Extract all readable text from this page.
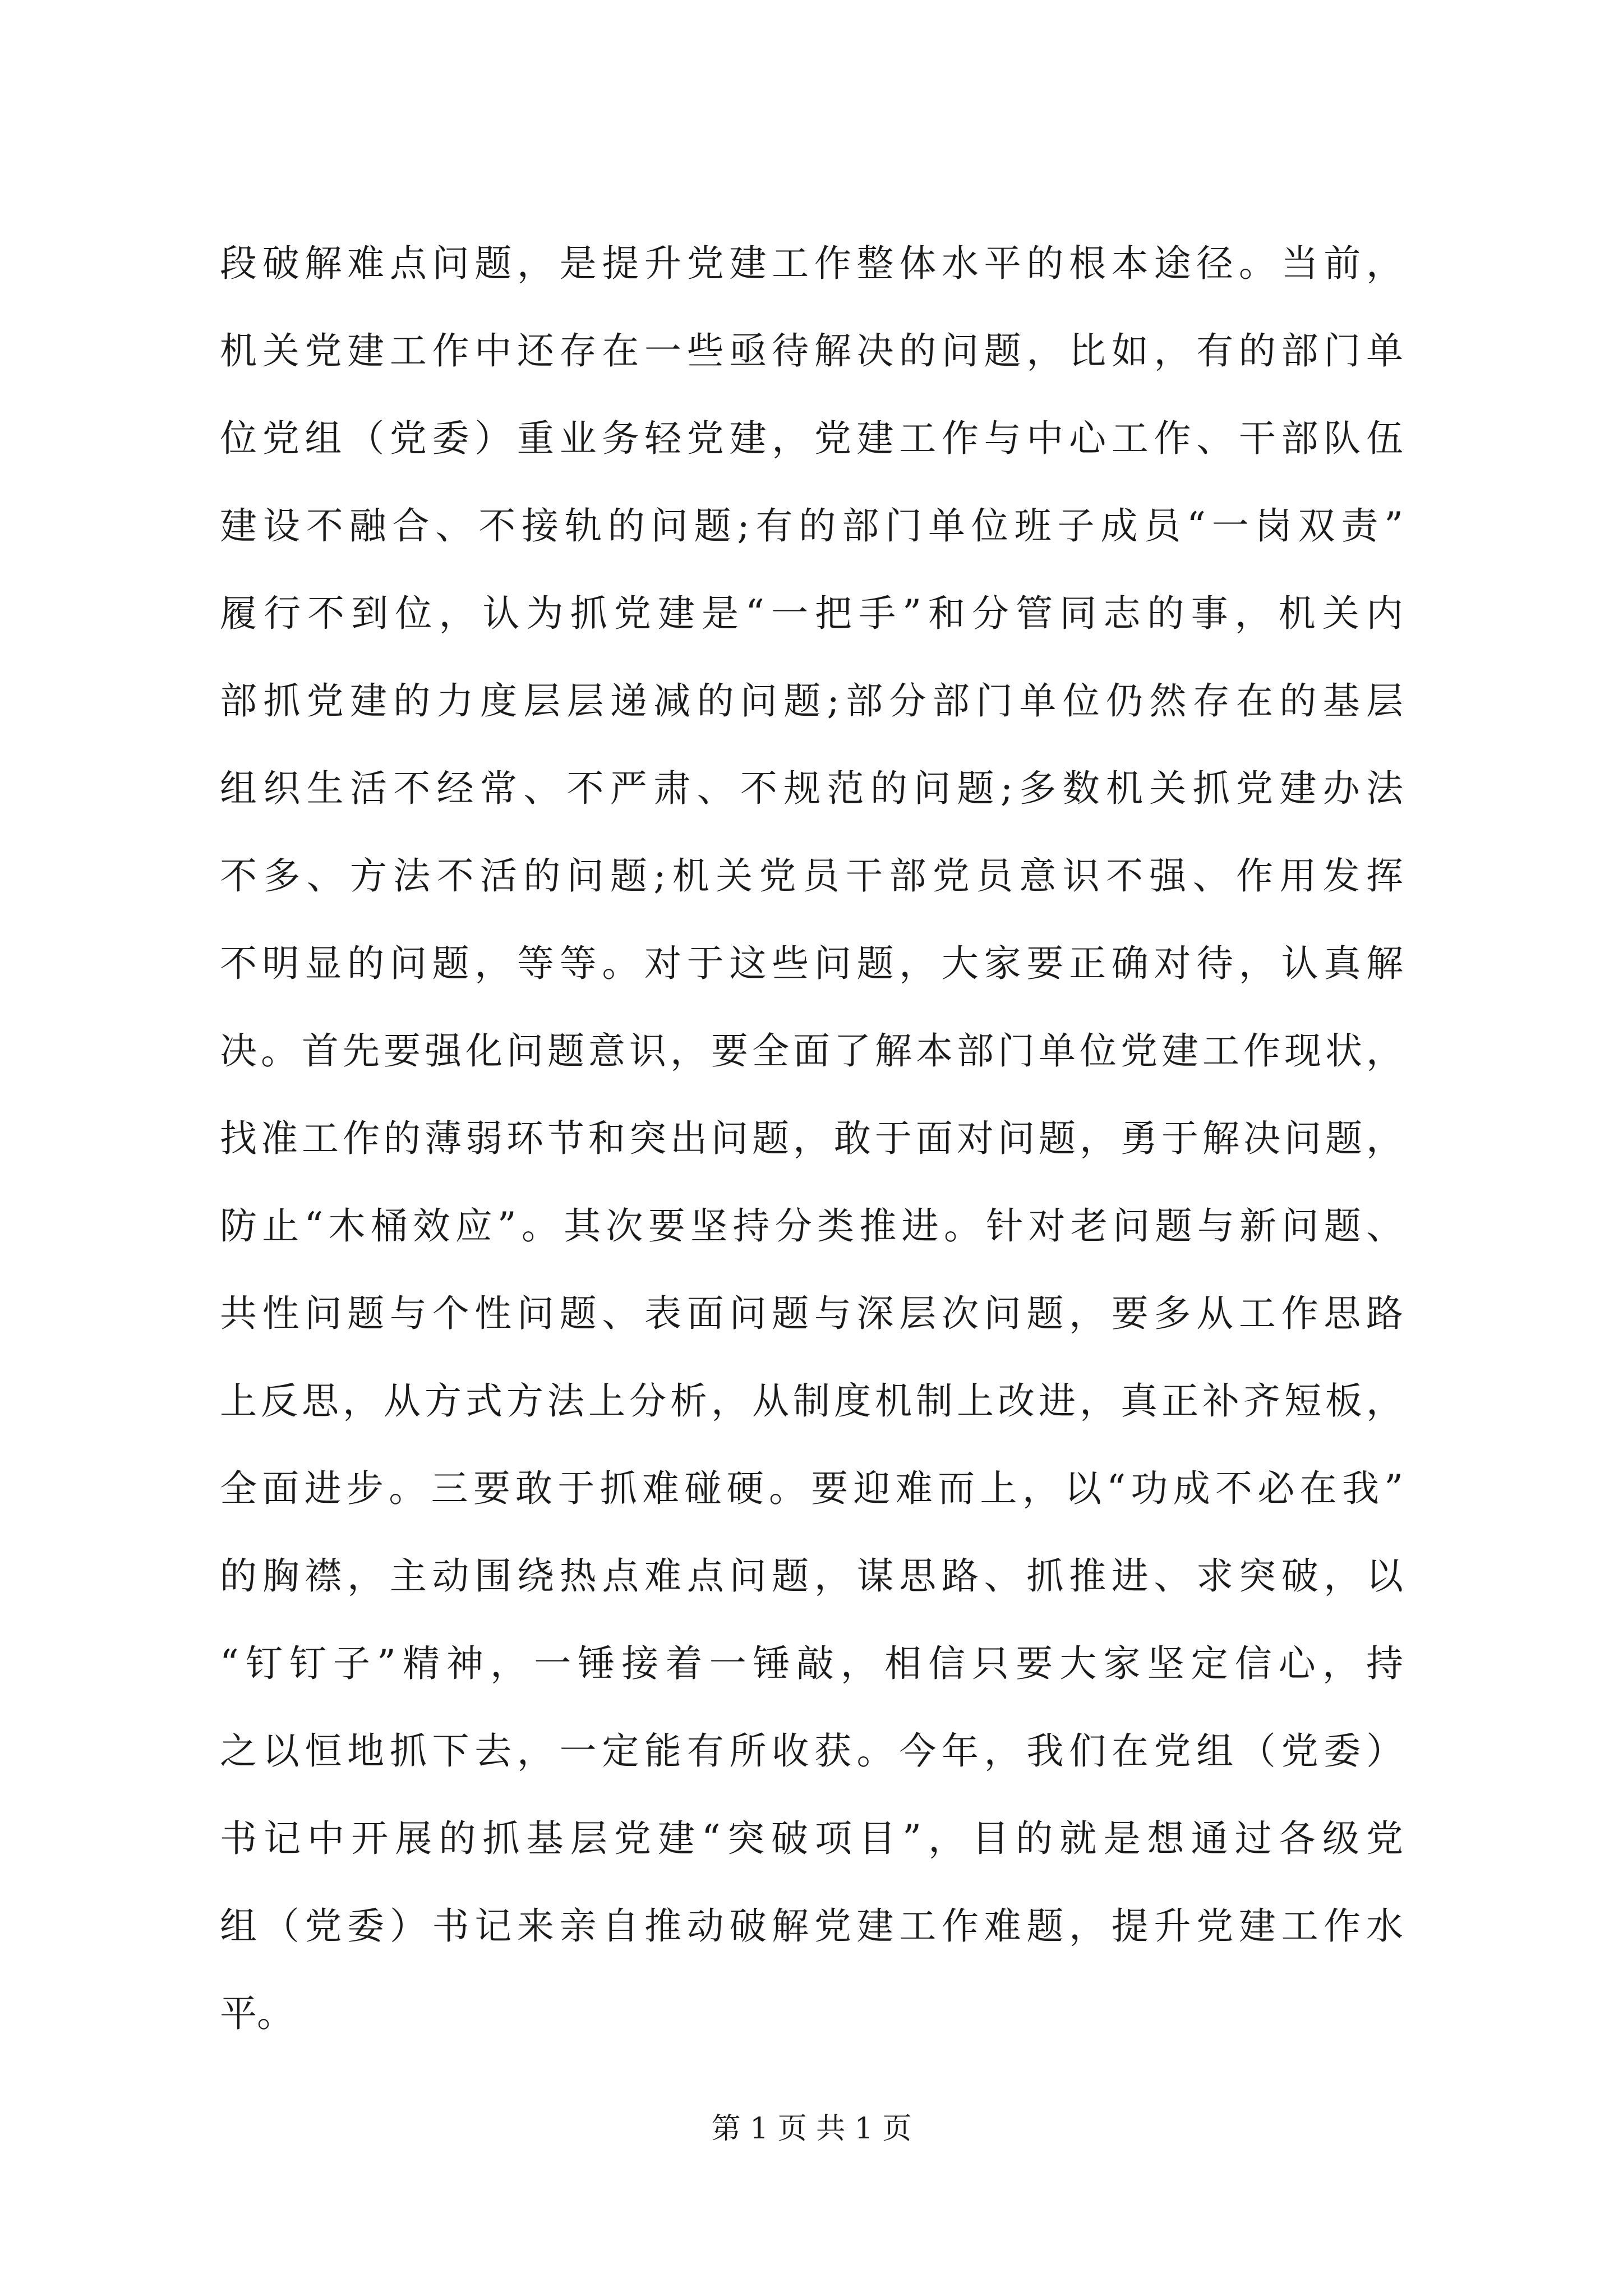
段破解难点问题，是提升党建工作整体水平的根本途径。当前，
机关党建工作中还存在一些亟待解决的问题，比如，有的部门单
位党组（党委）重业务轻党建，党建工作与中心工作、干部队伍
建设不融合、不接轨的问题;有的部门单位班子成员“一岗双责”
履行不到位，认为抓党建是“一把手”和分管同志的事，机关内
部抓党建的力度层层递减的问题;部分部门单位仍然存在的基层
组织生活不经常、不严肃、不规范的问题;多数机关抓党建办法
不多、方法不活的问题;机关党员干部党员意识不强、作用发挥
不明显的问题，等等。对于这些问题，大家要正确对待，认真解
决。首先要强化问题意识，要全面了解本部门单位党建工作现状，
找准工作的薄弱环节和突出问题，敢于面对问题，勇于解决问题，
防止“木桶效应”。其次要坚持分类推进。针对老问题与新问题、
共性问题与个性问题、表面问题与深层次问题，要多从工作思路
上反思，从方式方法上分析，从制度机制上改进，真正补齐短板，
全面进步。三要敢于抓难碰硬。要迎难而上，以“功成不必在我”
的胸襟，主动围绕热点难点问题，谋思路、抓推进、求突破，以
“钉钉子”精神，一锤接着一锤敲，相信只要大家坚定信心，持
之以恒地抓下去，一定能有所收获。今年，我们在党组（党委）
书记中开展的抓基层党建“突破项目”，目的就是想通过各级党
组（党委）书记来亲自推动破解党建工作难题，提升党建工作水
平。
第 1 页 共 1 页
